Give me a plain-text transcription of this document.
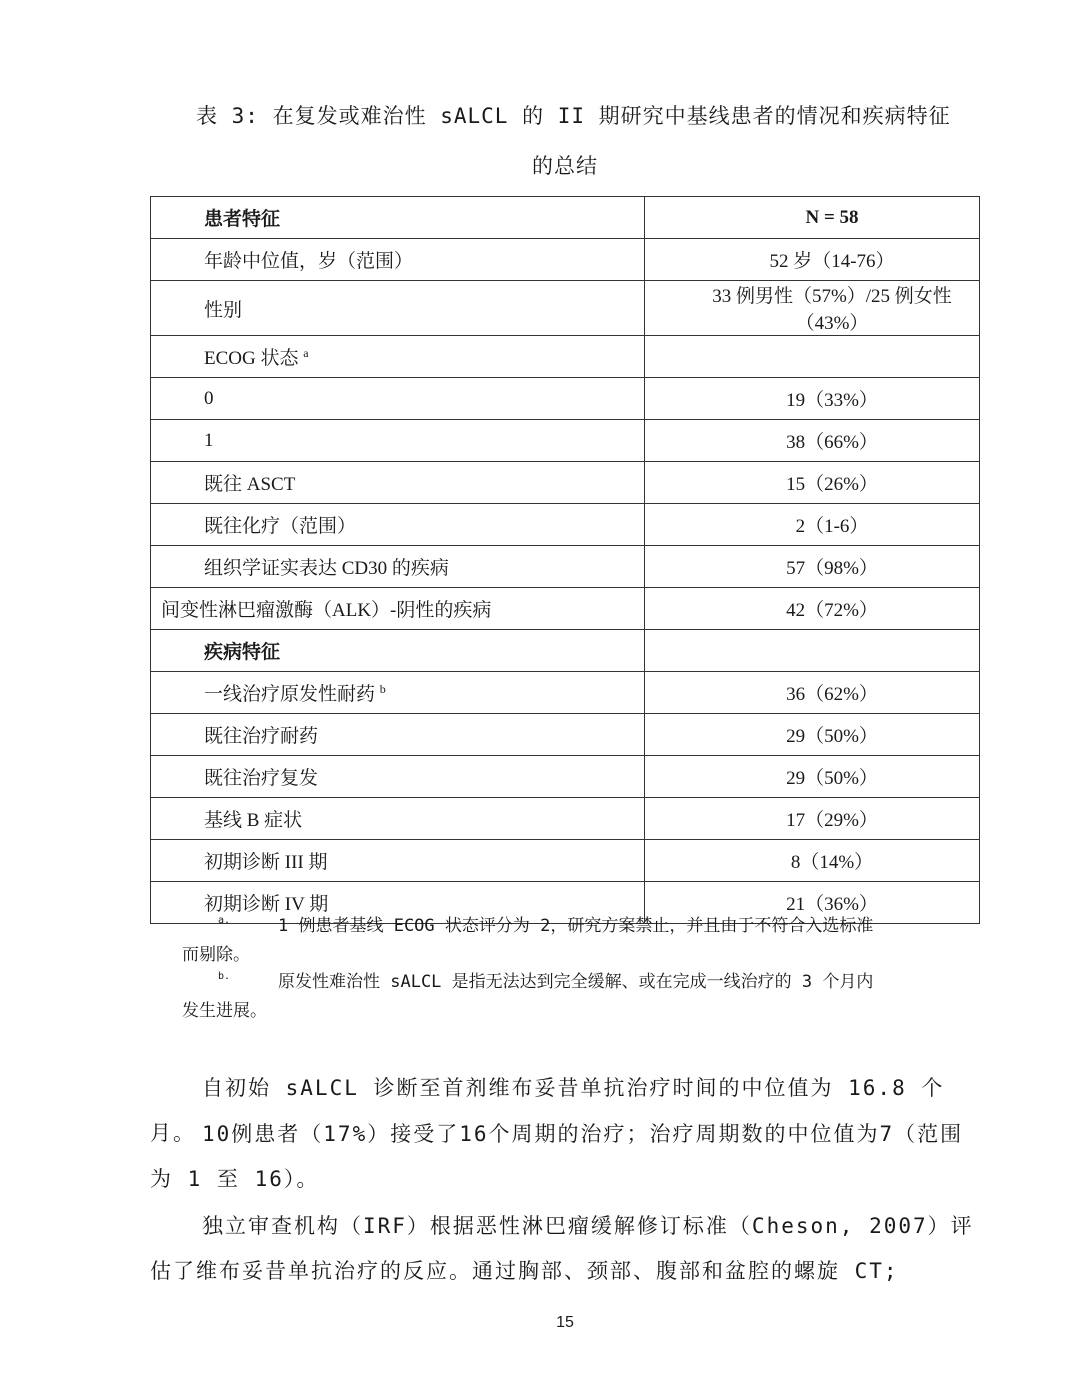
表 3: 在复发或难治性 sALCL 的 II 期研究中基线患者的情况和疾病特征
的总结
患者特征	N = 58
年龄中位值，岁（范围）	52 岁（14-76）
性别	33 例男性（57%）/25 例女性（43%）
ECOG 状态 $^a$	
0	19（33%）
1	38（66%）
既往 ASCT	15（26%）
既往化疗（范围）	2（1-6）
组织学证实表达 CD30 的疾病	57（98%）
间变性淋巴瘤激酶（ALK）-阴性的疾病	42（72%）
疾病特征	
一线治疗原发性耐药 $^b$	36（62%）
既往治疗耐药	29（50%）
既往治疗复发	29（50%）
基线 B 症状	17（29%）
初期诊断 III 期	8（14%）
初期诊断 IV 期	21（36%）
a.	1 例患者基线 ECOG 状态评分为 2，研究方案禁止，并且由于不符合入选标准
而剔除。
b.	原发性难治性 sALCL 是指无法达到完全缓解、或在完成一线治疗的 3 个月内
发生进展。
自初始 sALCL 诊断至首剂维布妥昔单抗治疗时间的中位值为 16.8 个月。 10例患者（17%）接受了16个周期的治疗；治疗周期数的中位值为7（范围为 1 至 16）。
独立审查机构（IRF）根据恶性淋巴瘤缓解修订标准（Cheson, 2007）评估了维布妥昔单抗治疗的反应。通过胸部、颈部、腹部和盆腔的螺旋 CT;
15
